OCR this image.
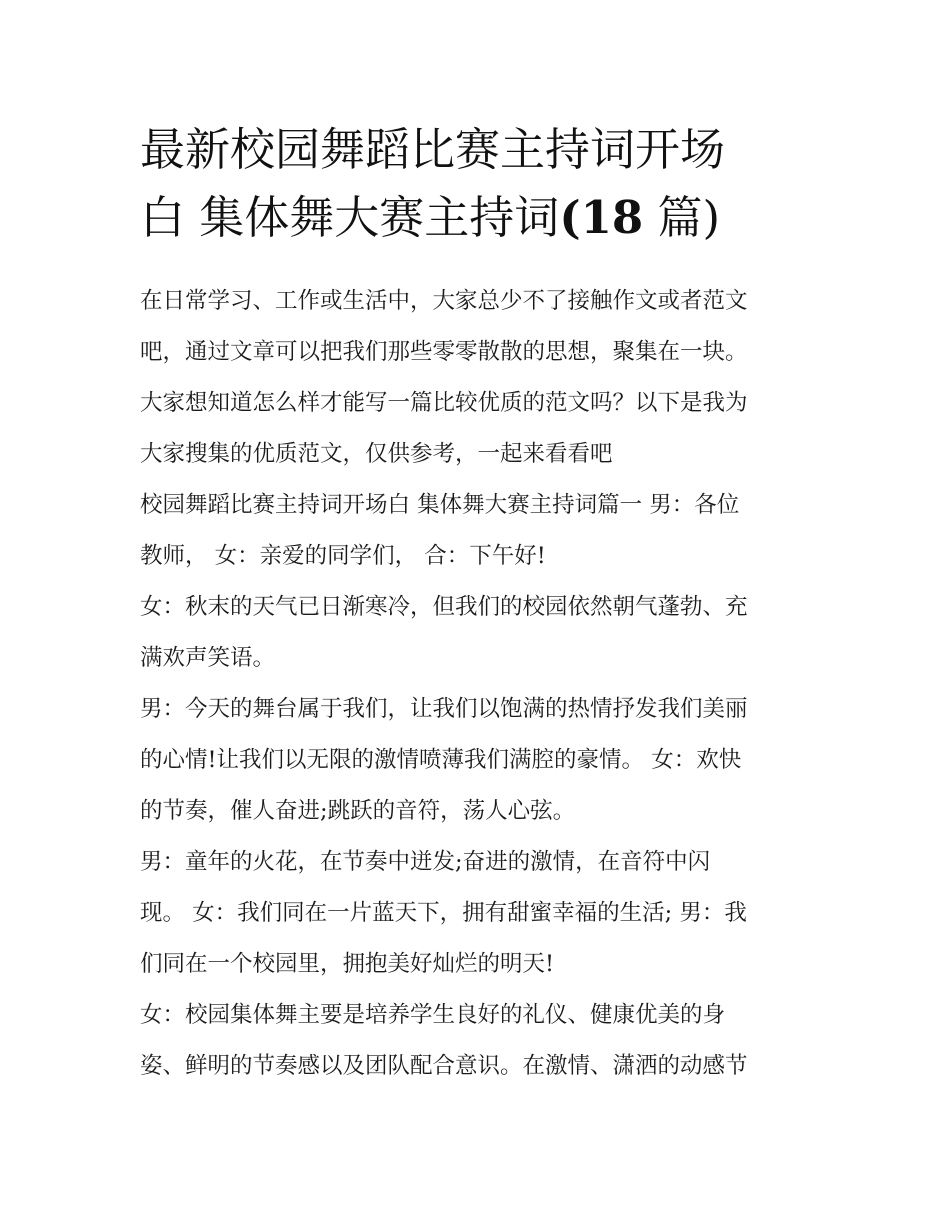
最新校园舞蹈比赛主持词开场
白 集体舞大赛主持词(18 篇)
在日常学习、工作或生活中，大家总少不了接触作文或者范文
吧，通过文章可以把我们那些零零散散的思想，聚集在一块。
大家想知道怎么样才能写一篇比较优质的范文吗？以下是我为
大家搜集的优质范文，仅供参考，一起来看看吧
校园舞蹈比赛主持词开场白 集体舞大赛主持词篇一 男：各位
教师， 女：亲爱的同学们， 合：下午好!
女：秋末的天气已日渐寒冷，但我们的校园依然朝气蓬勃、充
满欢声笑语。
男：今天的舞台属于我们，让我们以饱满的热情抒发我们美丽
的心情!让我们以无限的激情喷薄我们满腔的豪情。 女：欢快
的节奏，催人奋进;跳跃的音符，荡人心弦。
男：童年的火花，在节奏中迸发;奋进的激情，在音符中闪
现。 女：我们同在一片蓝天下，拥有甜蜜幸福的生活; 男：我
们同在一个校园里，拥抱美好灿烂的明天!
女：校园集体舞主要是培养学生良好的礼仪、健康优美的身
姿、鲜明的节奏感以及团队配合意识。在激情、潇洒的动感节
